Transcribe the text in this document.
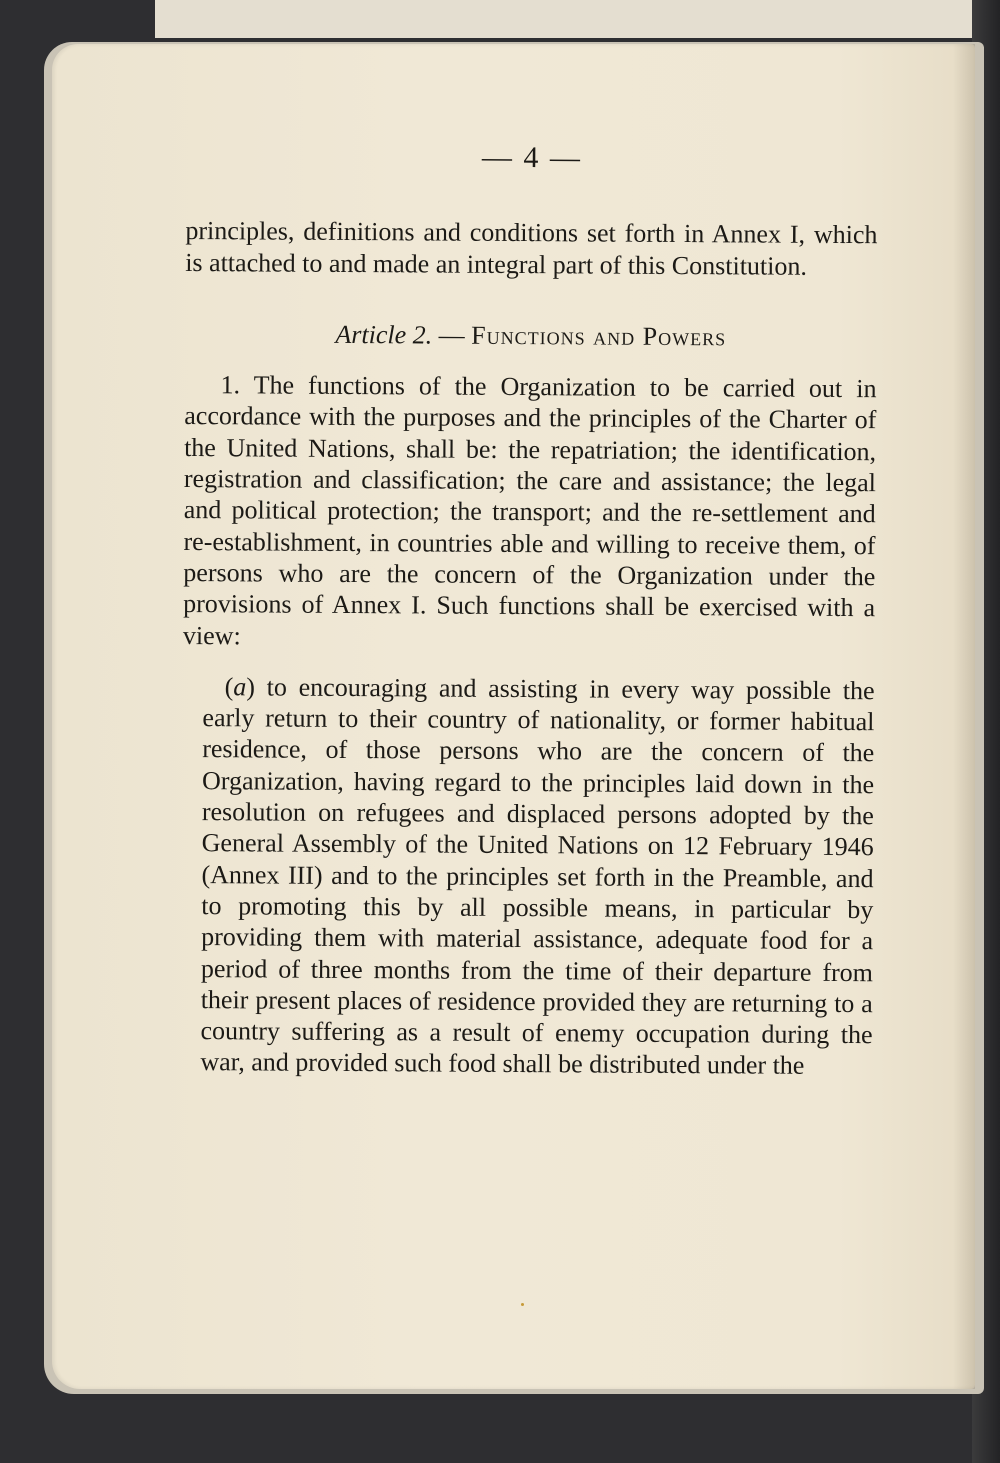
— 4 —

principles, definitions and conditions set forth in Annex I, which is attached to and made an integral part of this Constitution.

Article 2. — Functions and Powers

1. The functions of the Organization to be carried out in accordance with the purposes and the principles of the Charter of the United Nations, shall be: the repatriation; the identification, registration and classification; the care and assistance; the legal and political protection; the transport; and the re-settlement and re-establishment, in countries able and willing to receive them, of persons who are the concern of the Organization under the provisions of Annex I. Such functions shall be exercised with a view:

(a) to encouraging and assisting in every way possible the early return to their country of nationality, or former habitual residence, of those persons who are the concern of the Organization, having regard to the principles laid down in the resolution on refugees and displaced persons adopted by the General Assembly of the United Nations on 12 February 1946 (Annex III) and to the principles set forth in the Preamble, and to promoting this by all possible means, in particular by providing them with material assistance, adequate food for a period of three months from the time of their departure from their present places of residence provided they are returning to a country suffering as a result of enemy occupation during the war, and provided such food shall be distributed under the
